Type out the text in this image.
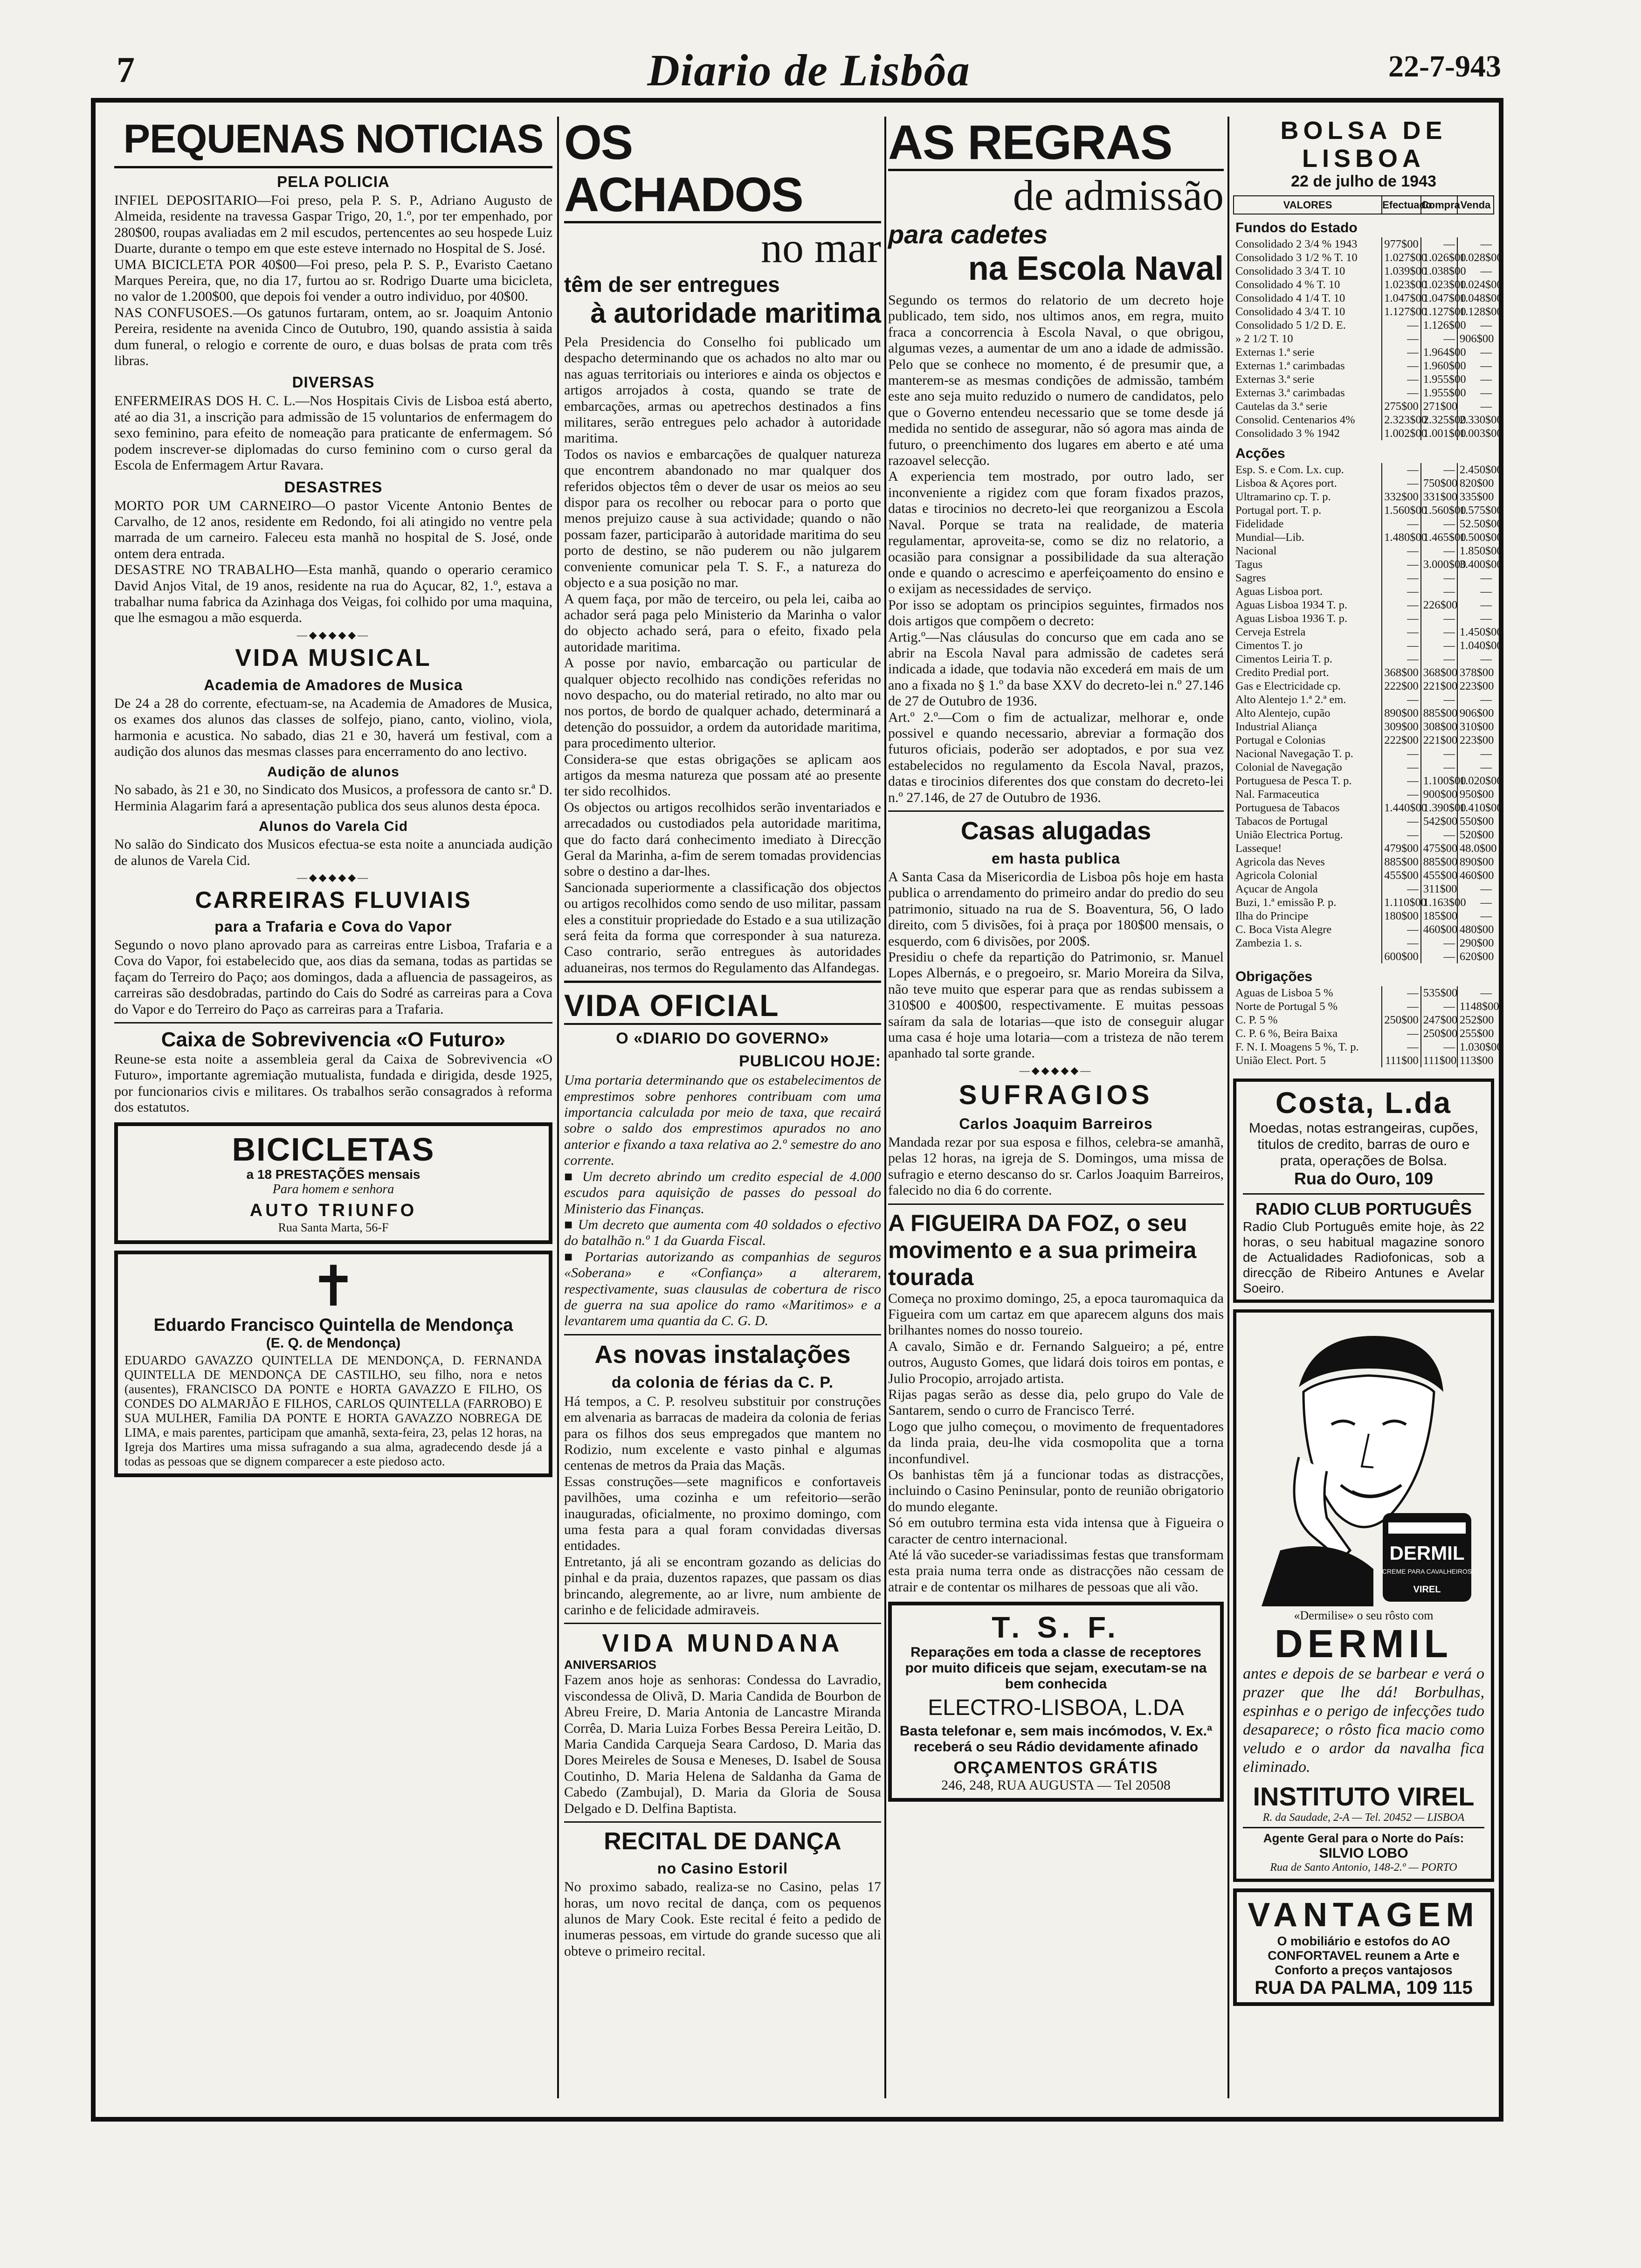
7	Diario de Lisbôa	22-7-943
PEQUENAS NOTICIAS
PELA POLICIA

INFIEL DEPOSITARIO—Foi preso, pela P. S. P., Adriano Augusto de Almeida, residente na travessa Gaspar Trigo, 20, 1.º, por ter empenhado, por 280$00, roupas avaliadas em 2 mil escudos, pertencentes ao seu hospede Luiz Duarte, durante o tempo em que este esteve internado no Hospital de S. José.

UMA BICICLETA POR 40$00—Foi preso, pela P. S. P., Evaristo Caetano Marques Pereira, que, no dia 17, furtou ao sr. Rodrigo Duarte uma bicicleta, no valor de 1.200$00, que depois foi vender a outro individuo, por 40$00.

NAS CONFUSOES.—Os gatunos furtaram, ontem, ao sr. Joaquim Antonio Pereira, residente na avenida Cinco de Outubro, 190, quando assistia à saida dum funeral, o relogio e corrente de ouro, e duas bolsas de prata com três libras.

DIVERSAS

ENFERMEIRAS DOS H. C. L.—Nos Hospitais Civis de Lisboa está aberto, até ao dia 31, a inscrição para admissão de 15 voluntarios de enfermagem do sexo feminino, para efeito de nomeação para praticante de enfermagem. Só podem inscrever-se diplomadas do curso feminino com o curso geral da Escola de Enfermagem Artur Ravara.

DESASTRES

MORTO POR UM CARNEIRO—O pastor Vicente Antonio Bentes de Carvalho, de 12 anos, residente em Redondo, foi ali atingido no ventre pela marrada de um carneiro. Faleceu esta manhã no hospital de S. José, onde ontem dera entrada.

DESASTRE NO TRABALHO—Esta manhã, quando o operario ceramico David Anjos Vital, de 19 anos, residente na rua do Açucar, 82, 1.º, estava a trabalhar numa fabrica da Azinhaga dos Veigas, foi colhido por uma maquina, que lhe esmagou a mão esquerda.

—◆◆◆◆◆—
VIDA MUSICAL
Academia de Amadores de Musica

De 24 a 28 do corrente, efectuam-se, na Academia de Amadores de Musica, os exames dos alunos das classes de solfejo, piano, canto, violino, viola, harmonia e acustica. No sabado, dias 21 e 30, haverá um festival, com a audição dos alunos das mesmas classes para encerramento do ano lectivo.

Audição de alunos

No sabado, às 21 e 30, no Sindicato dos Musicos, a professora de canto sr.ª D. Herminia Alagarim fará a apresentação publica dos seus alunos desta época.

Alunos do Varela Cid

No salão do Sindicato dos Musicos efectua-se esta noite a anunciada audição de alunos de Varela Cid.

—◆◆◆◆◆—
CARREIRAS FLUVIAIS
para a Trafaria e Cova do Vapor

Segundo o novo plano aprovado para as carreiras entre Lisboa, Trafaria e a Cova do Vapor, foi estabelecido que, aos dias da semana, todas as partidas se façam do Terreiro do Paço; aos domingos, dada a afluencia de passageiros, as carreiras são desdobradas, partindo do Cais do Sodré as carreiras para a Cova do Vapor e do Terreiro do Paço as carreiras para a Trafaria.

Caixa de Sobrevivencia «O Futuro»

Reune-se esta noite a assembleia geral da Caixa de Sobrevivencia «O Futuro», importante agremiação mutualista, fundada e dirigida, desde 1925, por funcionarios civis e militares. Os trabalhos serão consagrados à reforma dos estatutos.

BICICLETAS
a 18 PRESTAÇÕES mensais
Para homem e senhora
AUTO TRIUNFO
Rua Santa Marta, 56-F
✝
Eduardo Francisco Quintella de Mendonça
(E. Q. de Mendonça)

EDUARDO GAVAZZO QUINTELLA DE MENDONÇA, D. FERNANDA QUINTELLA DE MENDONÇA DE CASTILHO, seu filho, nora e netos (ausentes), FRANCISCO DA PONTE e HORTA GAVAZZO E FILHO, OS CONDES DO ALMARJÃO E FILHOS, CARLOS QUINTELLA (FARROBO) E SUA MULHER, Familia DA PONTE E HORTA GAVAZZO NOBREGA DE LIMA, e mais parentes, participam que amanhã, sexta-feira, 23, pelas 12 horas, na Igreja dos Martires uma missa sufragando a sua alma, agradecendo desde já a todas as pessoas que se dignem comparecer a este piedoso acto.

OS ACHADOS
no mar
têm de ser entregues
à autoridade maritima

Pela Presidencia do Conselho foi publicado um despacho determinando que os achados no alto mar ou nas aguas territoriais ou interiores e ainda os objectos e artigos arrojados à costa, quando se trate de embarcações, armas ou apetrechos destinados a fins militares, serão entregues pelo achador à autoridade maritima.

Todos os navios e embarcações de qualquer natureza que encontrem abandonado no mar qualquer dos referidos objectos têm o dever de usar os meios ao seu dispor para os recolher ou rebocar para o porto que menos prejuizo cause à sua actividade; quando o não possam fazer, participarão à autoridade maritima do seu porto de destino, se não puderem ou não julgarem conveniente comunicar pela T. S. F., a natureza do objecto e a sua posição no mar.

A quem faça, por mão de terceiro, ou pela lei, caiba ao achador será paga pelo Ministerio da Marinha o valor do objecto achado será, para o efeito, fixado pela autoridade maritima.

A posse por navio, embarcação ou particular de qualquer objecto recolhido nas condições referidas no novo despacho, ou do material retirado, no alto mar ou nos portos, de bordo de qualquer achado, determinará a detenção do possuidor, a ordem da autoridade maritima, para procedimento ulterior.

Considera-se que estas obrigações se aplicam aos artigos da mesma natureza que possam até ao presente ter sido recolhidos.

Os objectos ou artigos recolhidos serão inventariados e arrecadados ou custodiados pela autoridade maritima, que do facto dará conhecimento imediato à Direcção Geral da Marinha, a-fim de serem tomadas providencias sobre o destino a dar-lhes.

Sancionada superiormente a classificação dos objectos ou artigos recolhidos como sendo de uso militar, passam eles a constituir propriedade do Estado e a sua utilização será feita da forma que corresponder à sua natureza. Caso contrario, serão entregues às autoridades aduaneiras, nos termos do Regulamento das Alfandegas.

VIDA OFICIAL
O «DIARIO DO GOVERNO»
PUBLICOU HOJE:

Uma portaria determinando que os estabelecimentos de emprestimos sobre penhores contribuam com uma importancia calculada por meio de taxa, que recairá sobre o saldo dos emprestimos apurados no ano anterior e fixando a taxa relativa ao 2.º semestre do ano corrente.

■ Um decreto abrindo um credito especial de 4.000 escudos para aquisição de passes do pessoal do Ministerio das Finanças.

■ Um decreto que aumenta com 40 soldados o efectivo do batalhão n.º 1 da Guarda Fiscal.

■ Portarias autorizando as companhias de seguros «Soberana» e «Confiança» a alterarem, respectivamente, suas clausulas de cobertura de risco de guerra na sua apolice do ramo «Maritimos» e a levantarem uma quantia da C. G. D.

As novas instalações
da colonia de férias da C. P.

Há tempos, a C. P. resolveu substituir por construções em alvenaria as barracas de madeira da colonia de ferias para os filhos dos seus empregados que mantem no Rodizio, num excelente e vasto pinhal e algumas centenas de metros da Praia das Maçãs.

Essas construções—sete magnificos e confortaveis pavilhões, uma cozinha e um refeitorio—serão inauguradas, oficialmente, no proximo domingo, com uma festa para a qual foram convidadas diversas entidades.

Entretanto, já ali se encontram gozando as delicias do pinhal e da praia, duzentos rapazes, que passam os dias brincando, alegremente, ao ar livre, num ambiente de carinho e de felicidade admiraveis.

VIDA MUNDANA
ANIVERSARIOS

Fazem anos hoje as senhoras: Condessa do Lavradio, viscondessa de Olivã, D. Maria Candida de Bourbon de Abreu Freire, D. Maria Antonia de Lancastre Miranda Corrêa, D. Maria Luiza Forbes Bessa Pereira Leitão, D. Maria Candida Carqueja Seara Cardoso, D. Maria das Dores Meireles de Sousa e Meneses, D. Isabel de Sousa Coutinho, D. Maria Helena de Saldanha da Gama de Cabedo (Zambujal), D. Maria da Gloria de Sousa Delgado e D. Delfina Baptista.

RECITAL DE DANÇA
no Casino Estoril

No proximo sabado, realiza-se no Casino, pelas 17 horas, um novo recital de dança, com os pequenos alunos de Mary Cook. Este recital é feito a pedido de inumeras pessoas, em virtude do grande sucesso que ali obteve o primeiro recital.

AS REGRAS
de admissão
para cadetes
na Escola Naval

Segundo os termos do relatorio de um decreto hoje publicado, tem sido, nos ultimos anos, em regra, muito fraca a concorrencia à Escola Naval, o que obrigou, algumas vezes, a aumentar de um ano a idade de admissão. Pelo que se conhece no momento, é de presumir que, a manterem-se as mesmas condições de admissão, também este ano seja muito reduzido o numero de candidatos, pelo que o Governo entendeu necessario que se tome desde já medida no sentido de assegurar, não só agora mas ainda de futuro, o preenchimento dos lugares em aberto e até uma razoavel selecção.

A experiencia tem mostrado, por outro lado, ser inconveniente a rigidez com que foram fixados prazos, datas e tirocinios no decreto-lei que reorganizou a Escola Naval. Porque se trata na realidade, de materia regulamentar, aproveita-se, como se diz no relatorio, a ocasião para consignar a possibilidade da sua alteração onde e quando o acrescimo e aperfeiçoamento do ensino e o exijam as necessidades de serviço.

Por isso se adoptam os principios seguintes, firmados nos dois artigos que compõem o decreto:

Artig.º—Nas cláusulas do concurso que em cada ano se abrir na Escola Naval para admissão de cadetes será indicada a idade, que todavia não excederá em mais de um ano a fixada no § 1.º da base XXV do decreto-lei n.º 27.146 de 27 de Outubro de 1936.

Art.º 2.º—Com o fim de actualizar, melhorar e, onde possivel e quando necessario, abreviar a formação dos futuros oficiais, poderão ser adoptados, e por sua vez estabelecidos no regulamento da Escola Naval, prazos, datas e tirocinios diferentes dos que constam do decreto-lei n.º 27.146, de 27 de Outubro de 1936.

Casas alugadas
em hasta publica

A Santa Casa da Misericordia de Lisboa pôs hoje em hasta publica o arrendamento do primeiro andar do predio do seu patrimonio, situado na rua de S. Boaventura, 56, O lado direito, com 5 divisões, foi à praça por 180$00 mensais, o esquerdo, com 6 divisões, por 200$.

Presidiu o chefe da repartição do Patrimonio, sr. Manuel Lopes Albernás, e o pregoeiro, sr. Mario Moreira da Silva, não teve muito que esperar para que as rendas subissem a 310$00 e 400$00, respectivamente. E muitas pessoas saíram da sala de lotarias—que isto de conseguir alugar uma casa é hoje uma lotaria—com a tristeza de não terem apanhado tal sorte grande.

—◆◆◆◆◆—
SUFRAGIOS
Carlos Joaquim Barreiros

Mandada rezar por sua esposa e filhos, celebra-se amanhã, pelas 12 horas, na igreja de S. Domingos, uma missa de sufragio e eterno descanso do sr. Carlos Joaquim Barreiros, falecido no dia 6 do corrente.

A FIGUEIRA DA FOZ, o seu movimento e a sua primeira tourada

Começa no proximo domingo, 25, a epoca tauromaquica da Figueira com um cartaz em que aparecem alguns dos mais brilhantes nomes do nosso toureio.

A cavalo, Simão e dr. Fernando Salgueiro; a pé, entre outros, Augusto Gomes, que lidará dois toiros em pontas, e Julio Procopio, arrojado artista.

Rijas pagas serão as desse dia, pelo grupo do Vale de Santarem, sendo o curro de Francisco Terré.

Logo que julho começou, o movimento de frequentadores da linda praia, deu-lhe vida cosmopolita que a torna inconfundivel.

Os banhistas têm já a funcionar todas as distracções, incluindo o Casino Peninsular, ponto de reunião obrigatorio do mundo elegante.

Só em outubro termina esta vida intensa que à Figueira o caracter de centro internacional.

Até lá vão suceder-se variadissimas festas que transformam esta praia numa terra onde as distracções não cessam de atrair e de contentar os milhares de pessoas que ali vão.

T. S. F.
Reparações em toda a classe de receptores por muito dificeis que sejam, executam-se na bem conhecida
ELECTRO-LISBOA, L.DA
Basta telefonar e, sem mais incómodos, V. Ex.ª receberá o seu Rádio devidamente afinado
ORÇAMENTOS GRÁTIS
246, 248, RUA AUGUSTA — Tel 20508
BOLSA DE LISBOA
22 de julho de 1943
VALORES	Efectuado	Compra	Venda
Fundos do Estado			
Consolidado 2 3/4 % 1943	977$00	—	—
Consolidado 3 1/2 % T. 10	1.027$00	1.026$00	1.028$00
Consolidado 3 3/4 T. 10	1.039$00	1.038$00	—
Consolidado 4 % T. 10	1.023$00	1.023$00	1.024$00
Consolidado 4 1/4 T. 10	1.047$00	1.047$00	1.048$00
Consolidado 4 3/4 T. 10	1.127$00	1.127$00	1.128$00
Consolidado 5 1/2 D. E.	—	1.126$00	—
» 2 1/2 T. 10	—	—	906$00
Externas 1.ª serie	—	1.964$00	—
Externas 1.ª carimbadas	—	1.960$00	—
Externas 3.ª serie	—	1.955$00	—
Externas 3.ª carimbadas	—	1.955$00	—
Cautelas da 3.ª serie	275$00	271$00	—
Consolid. Centenarios 4%	2.323$00	2.325$00	2.330$00
Consolidado 3 % 1942	1.002$00	1.001$00	1.003$00
Acções			
Esp. S. e Com. Lx. cup.	—	—	2.450$00
Lisboa & Açores port.	—	750$00	820$00
Ultramarino cp. T. p.	332$00	331$00	335$00
Portugal port. T. p.	1.560$00	1.560$00	1.575$00
Fidelidade	—	—	52.50$00
Mundial—Lib.	1.480$00	1.465$00	1.500$00
Nacional	—	—	1.850$00
Tagus	—	3.000$00	3.400$00
Sagres	—	—	—
Aguas Lisboa port.	—	—	—
Aguas Lisboa 1934 T. p.	—	226$00	—
Aguas Lisboa 1936 T. p.	—	—	—
Cerveja Estrela	—	—	1.450$00
Cimentos T. jo	—	—	1.040$00
Cimentos Leiria T. p.	—	—	—
Credito Predial port.	368$00	368$00	378$00
Gas e Electricidade cp.	222$00	221$00	223$00
Alto Alentejo 1.ª 2.ª em.	—	—	—
Alto Alentejo, cupão	890$00	885$00	906$00
Industrial Aliança	309$00	308$00	310$00
Portugal e Colonias	222$00	221$00	223$00
Nacional Navegação T. p.	—	—	—
Colonial de Navegação	—	—	—
Portuguesa de Pesca T. p.	—	1.100$00	1.020$00
Nal. Farmaceutica	—	900$00	950$00
Portuguesa de Tabacos	1.440$00	1.390$00	1.410$00
Tabacos de Portugal	—	542$00	550$00
União Electrica Portug.	—	—	520$00
Lasseque!	479$00	475$00	48.0$00
Agricola das Neves	885$00	885$00	890$00
Agricola Colonial	455$00	455$00	460$00
Açucar de Angola	—	311$00	—
Buzi, 1.ª emissão P. p.	1.110$00	1.163$00	—
Ilha do Principe	180$00	185$00	—
C. Boca Vista Alegre	—	460$00	480$00
Zambezia 1. s.	—	—	290$00
	600$00	—	620$00
Obrigações			
Aguas de Lisboa 5 %	—	535$00	—
Norte de Portugal 5 %	—	—	1148$00
C. P. 5 %	250$00	247$00	252$00
C. P. 6 %, Beira Baixa	—	250$00	255$00
F. N. I. Moagens 5 %, T. p.	—	—	1.030$00
União Elect. Port. 5	111$00	111$00	113$00
Costa, L.da
Moedas, notas estrangeiras, cupões, titulos de credito, barras de ouro e prata, operações de Bolsa.
Rua do Ouro, 109
RADIO CLUB PORTUGUÊS
Radio Club Português emite hoje, às 22 horas, o seu habitual magazine sonoro de Actualidades Radiofonicas, sob a direcção de Ribeiro Antunes e Avelar Soeiro.
DERMIL
CREME PARA CAVALHEIROS
VIREL
«Dermilise» o seu rôsto com
DERMIL

antes e depois de se barbear e verá o prazer que lhe dá! Borbulhas, espinhas e o perigo de infecções tudo desaparece; o rôsto fica macio como veludo e o ardor da navalha fica eliminado.

INSTITUTO VIREL
R. da Saudade, 2-A — Tel. 20452 — LISBOA
Agente Geral para o Norte do País:
SILVIO LOBO
Rua de Santo Antonio, 148-2.º — PORTO
VANTAGEM
O mobiliário e estofos do AO CONFORTAVEL reunem a Arte e Conforto a preços vantajosos
RUA DA PALMA, 109 115
